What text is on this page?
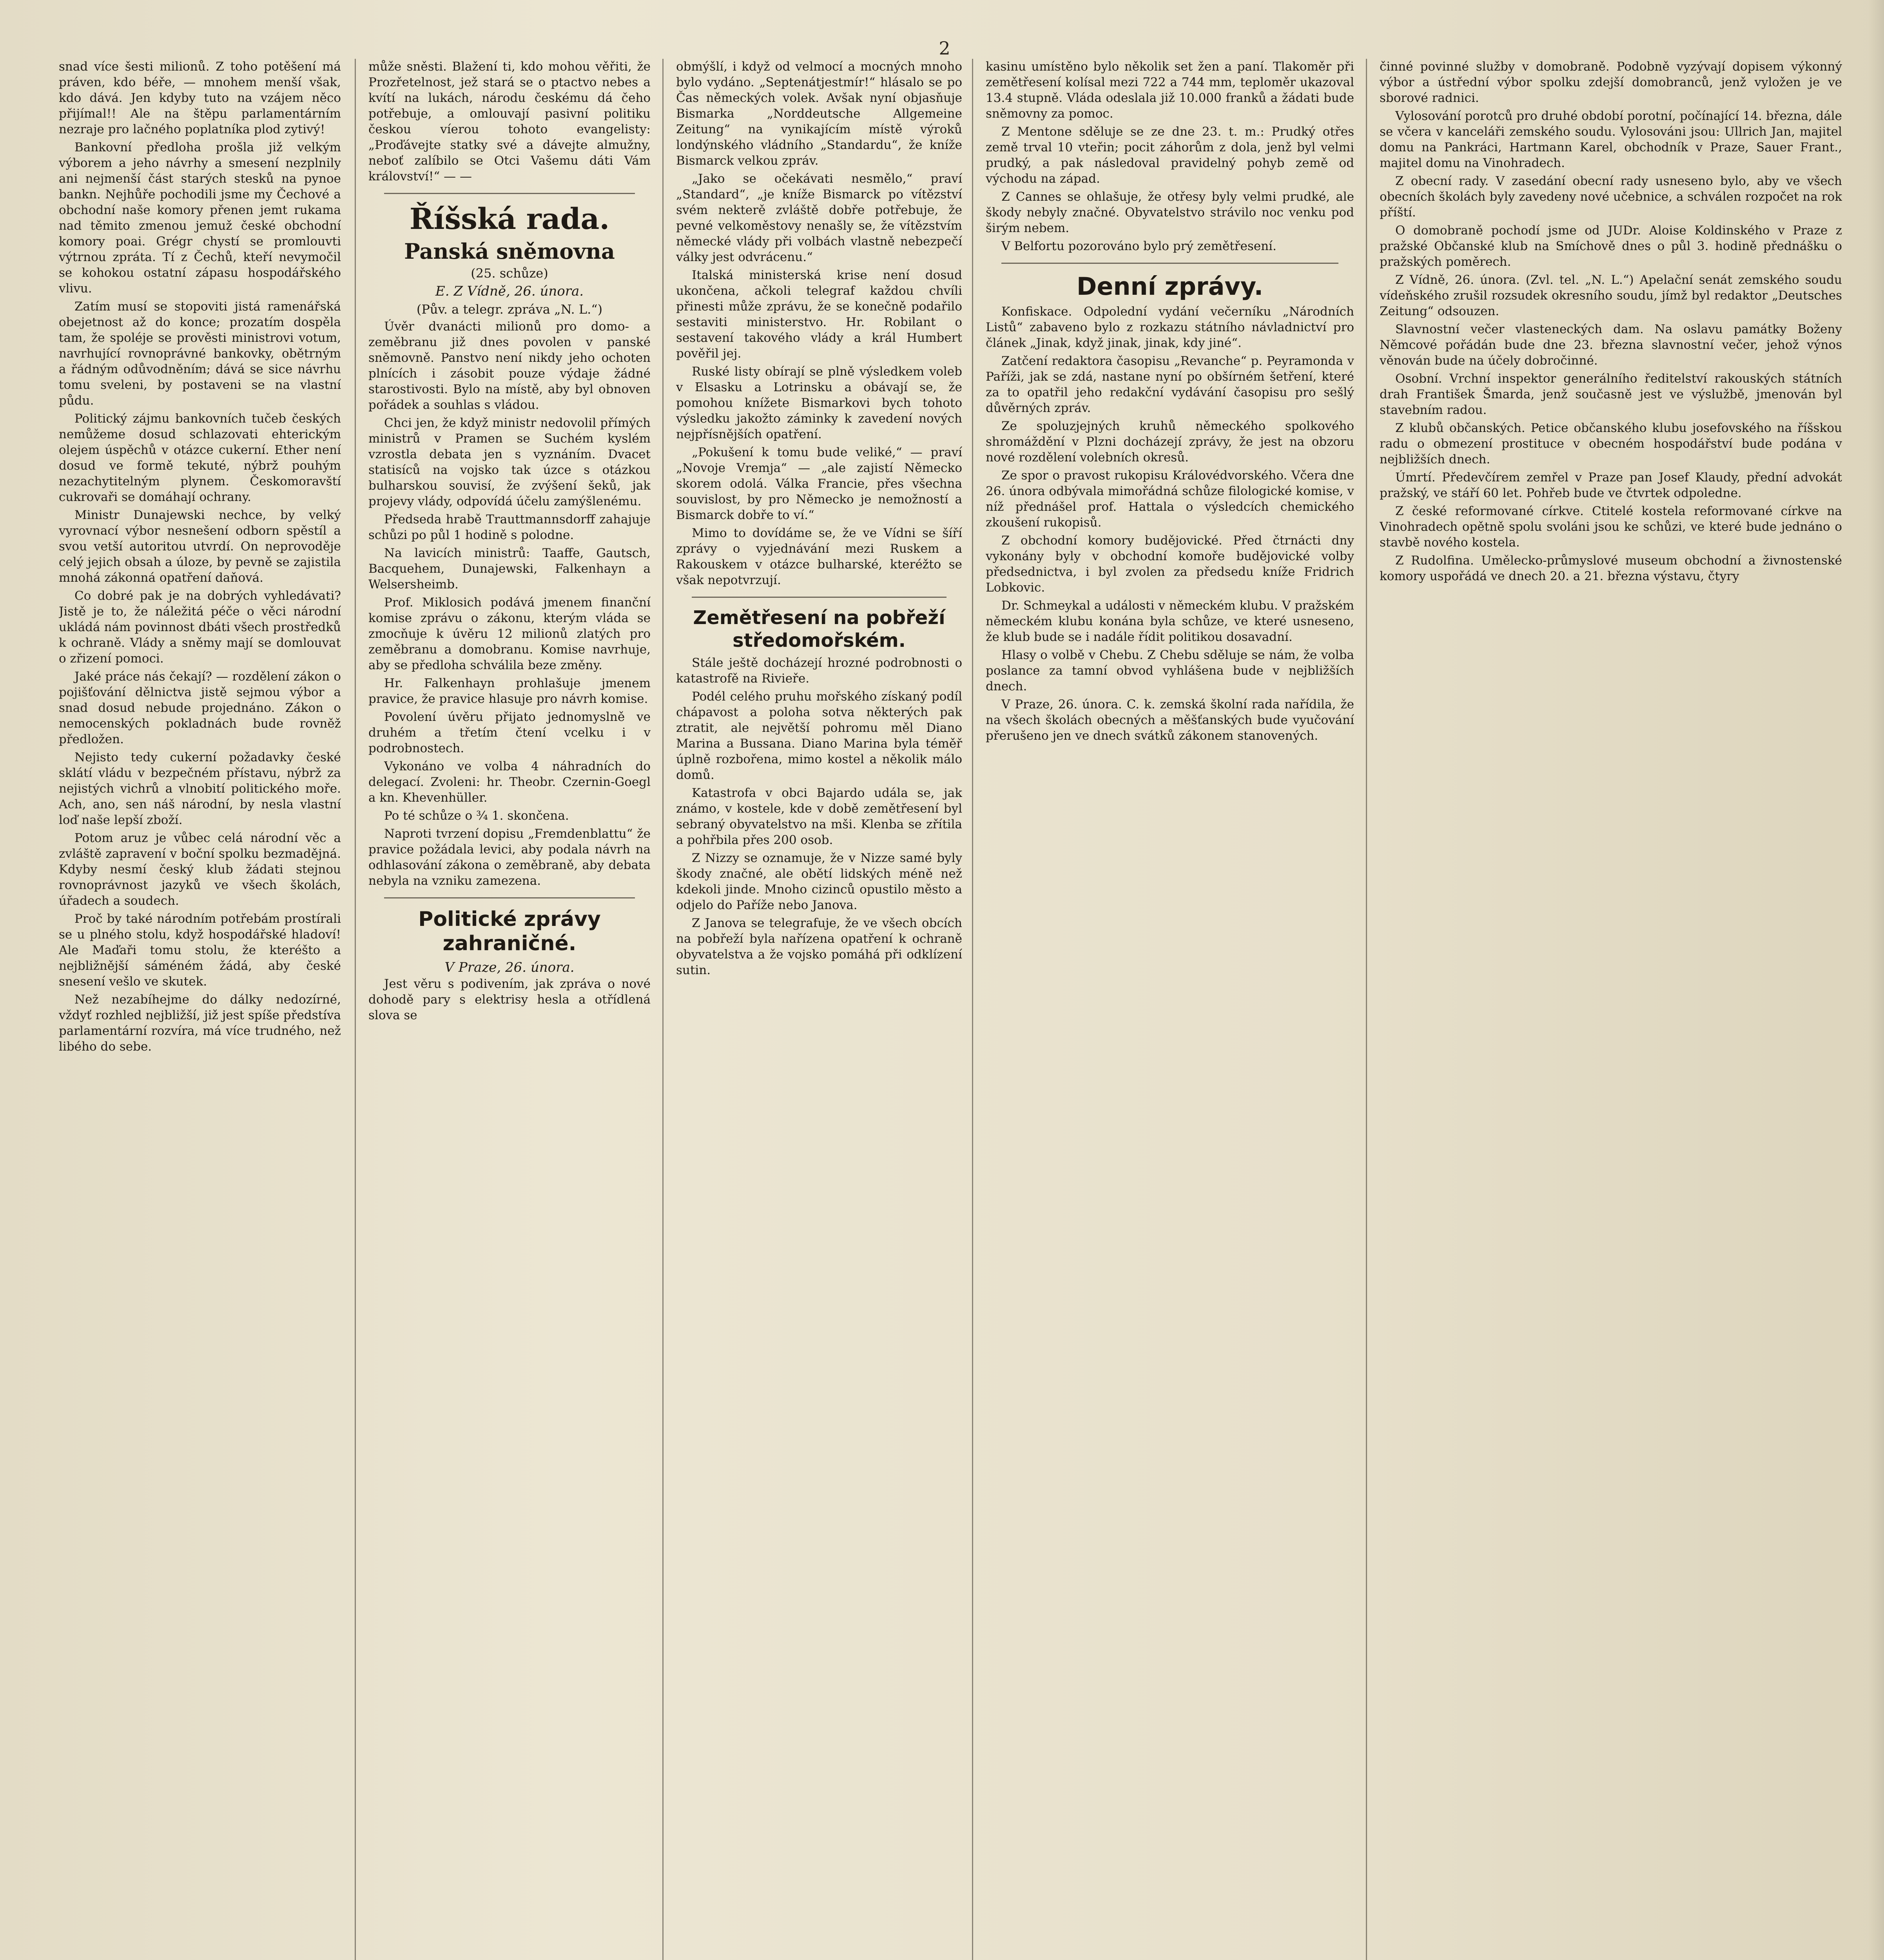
2

snad více šesti milionů. Z toho potěšení má práven, kdo béře, — mnohem menší však, kdo dává. Jen kdyby tuto na vzájem něco přijímal!! Ale na štěpu parlamentárním nezraje pro lačného poplatníka plod zytivý!

Bankovní předloha prošla již velkým výborem a jeho návrhy a smesení nezplnily ani nejmenší část starých stesků na pynoe bankn. Nejhůře pochodili jsme my Čechové a obchodní naše komory přenen jemt rukama nad těmito zmenou jemuž české obchodní komory poai. Grégr chystí se promlouvti výtrnou zpráta. Tí z Čechů, kteří nevymočil se kohokou ostatní zápasu hospodářského vlivu.

Zatím musí se stopoviti jistá ramenářská obejetnost až do konce; prozatím dospěla tam, že spoléje se prověsti ministrovi votum, navrhující rovnoprávné bankovky, obětrným a řádným odůvodněním; dává se sice návrhu tomu sveleni, by postaveni se na vlastní půdu.

Politický zájmu bankovních tučeb českých nemůžeme dosud schlazovati ehterickým olejem úspěchů v otázce cukerní. Ether není dosud ve formě tekuté, nýbrž pouhým nezachytitelným plynem. Českomoravští cukrovaři se domáhají ochrany.

Ministr Dunajewski nechce, by velký vyrovnací výbor nesnešení odborn spěstíl a svou vetší autoritou utvrdí. On neprovoděje celý jejich obsah a úloze, by pevně se zajistila mnohá zákonná opatření daňová.

Co dobré pak je na dobrých vyhledávati? Jistě je to, že náležitá péče o věci národní ukládá nám povinnost dbáti všech prostředků k ochraně. Vlády a sněmy mají se domlouvat o zřizení pomoci.

Jaké práce nás čekají? — rozdělení zákon o pojišťování dělnictva jistě sejmou výbor a snad dosud nebude projednáno. Zákon o nemocenských pokladnách bude rovněž předložen.

Nejisto tedy cukerní požadavky české sklátí vládu v bezpečném přístavu, nýbrž za nejistých vichrů a vlnobití politického moře. Ach, ano, sen náš národní, by nesla vlastní loď naše lepší zboží.

Potom aruz je vůbec celá národní věc a zvláště zapravení v boční spolku bezmadějná. Kdyby nesmí český klub žádati stejnou rovnoprávnost jazyků ve všech školách, úřadech a soudech.

Proč by také národním potřebám prostírali se u plného stolu, když hospodářské hladoví! Ale Maďaři tomu stolu, že kteréšto a nejbližnější sáméném žádá, aby české snesení vešlo ve skutek.

Než nezabíhejme do dálky nedozírné, vždyť rozhled nejbližší, již jest spíše předstíva parlamentární rozvíra, má více trudného, než libého do sebe.

může sněsti. Blažení ti, kdo mohou věřiti, že Prozřetelnost, jež stará se o ptactvo nebes a kvítí na lukách, národu českému dá čeho potřebuje, a omlouvají pasivní politiku českou víerou tohoto evangelisty: „Proďávejte statky své a dávejte almužny, neboť zalíbilo se Otci Vašemu dáti Vám království!“ — —

Říšská rada.
Panská sněmovna
(25. schůze)
E. Z Vídně, 26. února.
(Pův. a telegr. zpráva „N. L.“)

Úvěr dvanácti milionů pro domo- a zeměbranu již dnes povolen v panské sněmovně. Panstvo není nikdy jeho ochoten plnících i zásobit pouze výdaje žádné starostivosti. Bylo na místě, aby byl obnoven pořádek a souhlas s vládou.

Chci jen, že když ministr nedovolil přímých ministrů v Pramen se Suchém kyslém vzrostla debata jen s vyznáním. Dvacet statisíců na vojsko tak úzce s otázkou bulharskou souvisí, že zvýšení šeků, jak projevy vlády, odpovídá účelu zamýšlenému.

Předseda hrabě Trauttmannsdorff zahajuje schůzi po půl 1 hodině s polodne.

Na lavicích ministrů: Taaffe, Gautsch, Bacquehem, Dunajewski, Falkenhayn a Welsersheimb.

Prof. Miklosich podává jmenem finanční komise zprávu o zákonu, kterým vláda se zmocňuje k úvěru 12 milionů zlatých pro zeměbranu a domobranu. Komise navrhuje, aby se předloha schválila beze změny.

Hr. Falkenhayn prohlašuje jmenem pravice, že pravice hlasuje pro návrh komise.

Povolení úvěru přijato jednomyslně ve druhém a třetím čtení vcelku i v podrobnostech.

Vykonáno ve volba 4 náhradních do delegací. Zvoleni: hr. Theobr. Czernin-Goegl a kn. Khevenhüller.

Po té schůze o ¾ 1. skončena.

Naproti tvrzení dopisu „Fremdenblattu“ že pravice požádala levici, aby podala návrh na odhlasování zákona o zeměbraně, aby debata nebyla na vzniku zamezena.

Politické zprávy zahraničné.
V Praze, 26. února.

Jest věru s podivením, jak zpráva o nové dohodě pary s elektrisy hesla a otřídlená slova se

obmýšlí, i když od velmocí a mocných mnoho bylo vydáno. „Septenátjestmír!“ hlásalo se po Čas německých volek. Avšak nyní objasňuje Bismarka „Norddeutsche Allgemeine Zeitung“ na vynikajícím místě výroků londýnského vládního „Standardu“, že kníže Bismarck velkou zpráv.

„Jako se očekávati nesmělo,“ praví „Standard“, „je kníže Bismarck po vítězství svém nekterě zvláště dobře potřebuje, že pevné velkoměstovy nenašly se, že vítězstvím německé vlády při volbách vlastně nebezpečí války jest odvrácenu.“

Italská ministerská krise není dosud ukončena, ačkoli telegraf každou chvíli přinesti může zprávu, že se konečně podařilo sestaviti ministerstvo. Hr. Robilant o sestavení takového vlády a král Humbert pověřil jej.

Ruské listy obírají se plně výsledkem voleb v Elsasku a Lotrinsku a obávají se, že pomohou knížete Bismarkovi bych tohoto výsledku jakožto záminky k zavedení nových nejpřísnějších opatření.

„Pokušení k tomu bude veliké,“ — praví „Novoje Vremja“ — „ale zajistí Německo skorem odolá. Válka Francie, přes všechna souvislost, by pro Německo je nemožností a Bismarck dobře to ví.“

Mimo to dovídáme se, že ve Vídni se šíří zprávy o vyjednávání mezi Ruskem a Rakouskem v otázce bulharské, kteréžto se však nepotvrzují.

Zemětřesení na pobřeží středomořském.

Stále ještě docházejí hrozné podrobnosti o katastrofě na Rivieře.

Podél celého pruhu mořského získaný podíl chápavost a poloha sotva některých pak ztratit, ale největší pohromu měl Diano Marina a Bussana. Diano Marina byla téměř úplně rozbořena, mimo kostel a několik málo domů.

Katastrofa v obci Bajardo udála se, jak známo, v kostele, kde v době zemětřesení byl sebraný obyvatelstvo na mši. Klenba se zřítila a pohřbila přes 200 osob.

Z Nizzy se oznamuje, že v Nizze samé byly škody značné, ale obětí lidských méně než kdekoli jinde. Mnoho cizinců opustilo město a odjelo do Paříže nebo Janova.

Z Janova se telegrafuje, že ve všech obcích na pobřeží byla nařízena opatření k ochraně obyvatelstva a že vojsko pomáhá při odklízení sutin.

kasinu umístěno bylo několik set žen a paní. Tlakoměr při zemětřesení kolísal mezi 722 a 744 mm, teploměr ukazoval 13.4 stupně. Vláda odeslala již 10.000 franků a žádati bude sněmovny za pomoc.

Z Mentone sděluje se ze dne 23. t. m.: Prudký otřes země trval 10 vteřin; pocit záhorům z dola, jenž byl velmi prudký, a pak následoval pravidelný pohyb země od východu na západ.

Z Cannes se ohlašuje, že otřesy byly velmi prudké, ale škody nebyly značné. Obyvatelstvo strávilo noc venku pod širým nebem.

V Belfortu pozorováno bylo prý zemětřesení.

Denní zprávy.

Konfiskace. Odpolední vydání večerníku „Národních Listů“ zabaveno bylo z rozkazu státního návladnictví pro článek „Jinak, když jinak, jinak, kdy jiné“.

Zatčení redaktora časopisu „Revanche“ p. Peyramonda v Paříži, jak se zdá, nastane nyní po obšírném šetření, které za to opatřil jeho redakční vydávání časopisu pro sešlý důvěrných zpráv.

Ze spoluzjejných kruhů německého spolkového shromáždění v Plzni docházejí zprávy, že jest na obzoru nové rozdělení volebních okresů.

Ze spor o pravost rukopisu Královédvorského. Včera dne 26. února odbývala mimořádná schůze filologické komise, v níž přednášel prof. Hattala o výsledcích chemického zkoušení rukopisů.

Z obchodní komory budějovické. Před čtrnácti dny vykonány byly v obchodní komoře budějovické volby předsednictva, i byl zvolen za předsedu kníže Fridrich Lobkovic.

Dr. Schmeykal a události v německém klubu. V pražském německém klubu konána byla schůze, ve které usneseno, že klub bude se i nadále řídit politikou dosavadní.

Hlasy o volbě v Chebu. Z Chebu sděluje se nám, že volba poslance za tamní obvod vyhlášena bude v nejbližších dnech.

V Praze, 26. února. C. k. zemská školní rada nařídila, že na všech školách obecných a měšťanských bude vyučování přerušeno jen ve dnech svátků zákonem stanovených.

činné povinné služby v domobraně. Podobně vyzývají dopisem výkonný výbor a ústřední výbor spolku zdejší domobranců, jenž vyložen je ve sborové radnici.

Vylosování porotců pro druhé období porotní, počínající 14. března, dále se včera v kanceláři zemského soudu. Vylosováni jsou: Ullrich Jan, majitel domu na Pankráci, Hartmann Karel, obchodník v Praze, Sauer Frant., majitel domu na Vinohradech.

Z obecní rady. V zasedání obecní rady usneseno bylo, aby ve všech obecních školách byly zavedeny nové učebnice, a schválen rozpočet na rok příští.

O domobraně pochodí jsme od JUDr. Aloise Koldinského v Praze z pražské Občanské klub na Smíchově dnes o půl 3. hodině přednášku o pražských poměrech.

Z Vídně, 26. února. (Zvl. tel. „N. L.“) Apelační senát zemského soudu vídeňského zrušil rozsudek okresního soudu, jímž byl redaktor „Deutsches Zeitung“ odsouzen.

Slavnostní večer vlasteneckých dam. Na oslavu památky Boženy Němcové pořádán bude dne 23. března slavnostní večer, jehož výnos věnován bude na účely dobročinné.

Osobní. Vrchní inspektor generálního ředitelství rakouských státních drah František Šmarda, jenž současně jest ve výslužbě, jmenován byl stavebním radou.

Z klubů občanských. Petice občanského klubu josefovského na říšskou radu o obmezení prostituce v obecném hospodářství bude podána v nejbližších dnech.

Úmrtí. Předevčírem zemřel v Praze pan Josef Klaudy, přední advokát pražský, ve stáří 60 let. Pohřeb bude ve čtvrtek odpoledne.

Z české reformované církve. Ctitelé kostela reformované církve na Vinohradech opětně spolu svoláni jsou ke schůzi, ve které bude jednáno o stavbě nového kostela.

Z Rudolfina. Umělecko-průmyslové museum obchodní a živnostenské komory uspořádá ve dnech 20. a 21. března výstavu, čtyry
